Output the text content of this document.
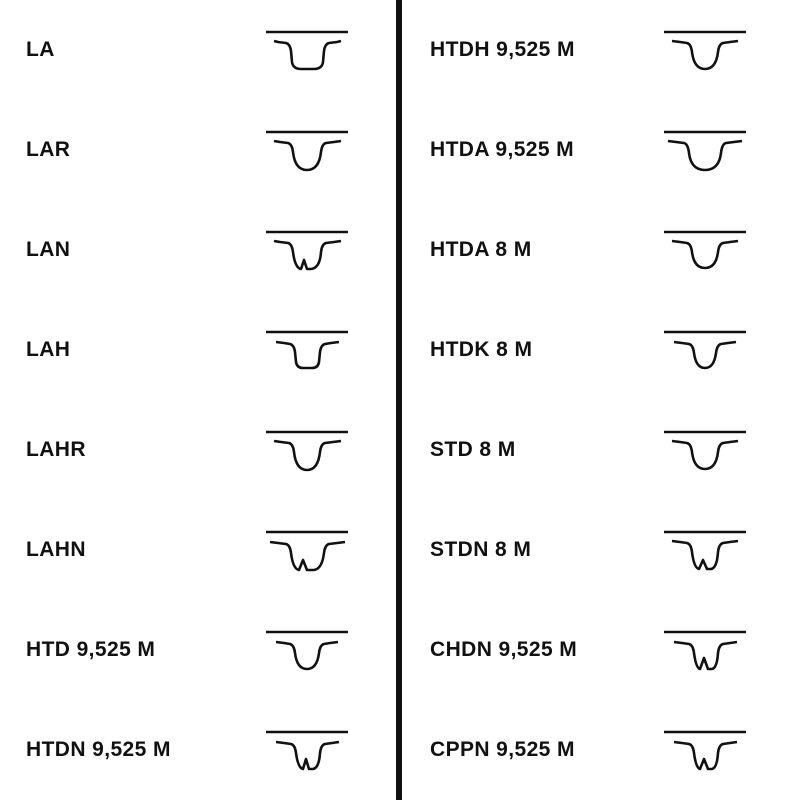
LA
LAR
LAN
LAH
LAHR
LAHN
HTD 9,525 M
HTDN 9,525 M
HTDH 9,525 M
HTDA 9,525 M
HTDA 8 M
HTDK 8 M
STD 8 M
STDN 8 M
CHDN 9,525 M
CPPN 9,525 M
